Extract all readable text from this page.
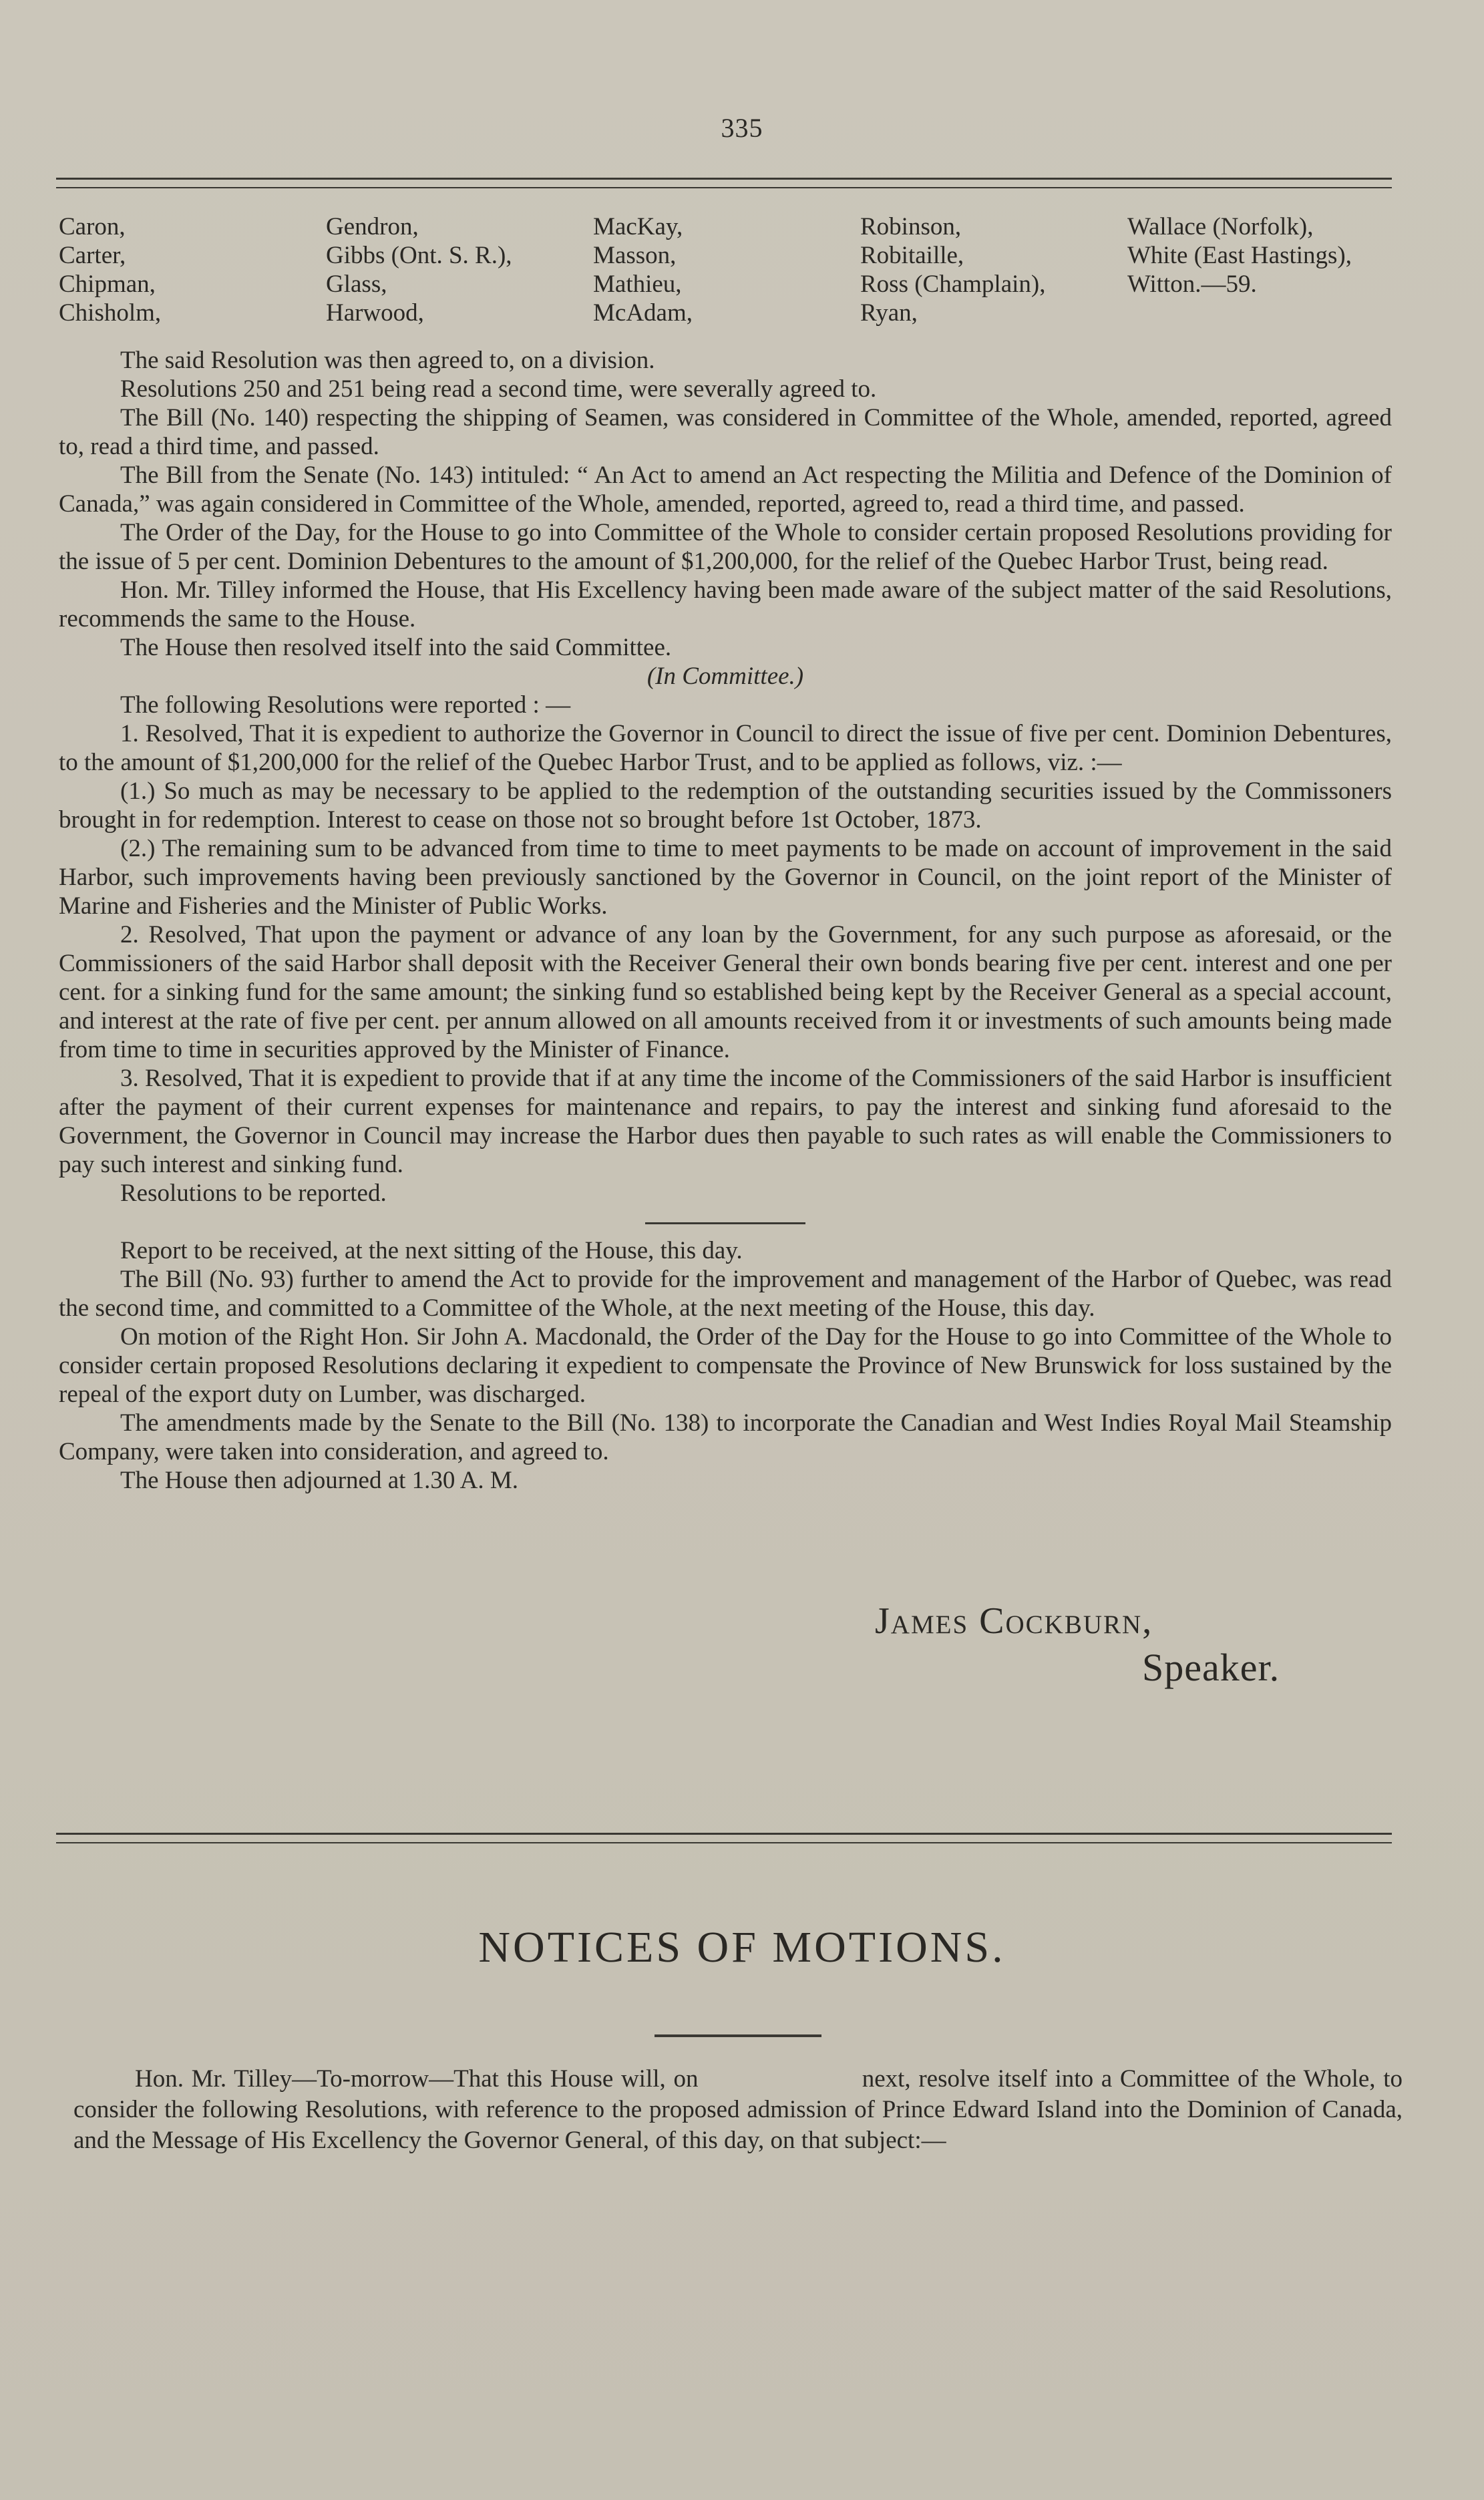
335
Caron,
Carter,
Chipman,
Chisholm,
Gendron,
Gibbs (Ont. S. R.),
Glass,
Harwood,
MacKay,
Masson,
Mathieu,
McAdam,
Robinson,
Robitaille,
Ross (Champlain),
Ryan,
Wallace (Norfolk),
White (East Hastings),
Witton.—59.

The said Resolution was then agreed to, on a division.

Resolutions 250 and 251 being read a second time, were severally agreed to.

The Bill (No. 140) respecting the shipping of Seamen, was considered in Committee of the Whole, amended, reported, agreed to, read a third time, and passed.

The Bill from the Senate (No. 143) intituled: “ An Act to amend an Act respecting the Militia and Defence of the Dominion of Canada,” was again considered in Committee of the Whole, amended, reported, agreed to, read a third time, and passed.

The Order of the Day, for the House to go into Committee of the Whole to consider certain proposed Resolutions providing for the issue of 5 per cent. Dominion Debentures to the amount of $1,200,000, for the relief of the Quebec Harbor Trust, being read.

Hon. Mr. Tilley informed the House, that His Excellency having been made aware of the subject matter of the said Resolutions, recommends the same to the House.

The House then resolved itself into the said Committee.

(In Committee.)

The following Resolutions were reported : —

1. Resolved, That it is expedient to authorize the Governor in Council to direct the issue of five per cent. Dominion Debentures, to the amount of $1,200,000 for the relief of the Quebec Harbor Trust, and to be applied as follows, viz. :—

(1.) So much as may be necessary to be applied to the redemption of the outstanding securities issued by the Commissoners brought in for redemption. Interest to cease on those not so brought before 1st October, 1873.

(2.) The remaining sum to be advanced from time to time to meet payments to be made on account of improvement in the said Harbor, such improvements having been previously sanctioned by the Governor in Council, on the joint report of the Minister of Marine and Fisheries and the Minister of Public Works.

2. Resolved, That upon the payment or advance of any loan by the Government, for any such purpose as aforesaid, or the Commissioners of the said Harbor shall deposit with the Receiver General their own bonds bearing five per cent. interest and one per cent. for a sinking fund for the same amount; the sinking fund so established being kept by the Receiver General as a special account, and interest at the rate of five per cent. per annum allowed on all amounts received from it or investments of such amounts being made from time to time in securities approved by the Minister of Finance.

3. Resolved, That it is expedient to provide that if at any time the income of the Commissioners of the said Harbor is insufficient after the payment of their current expenses for maintenance and repairs, to pay the interest and sinking fund aforesaid to the Government, the Governor in Council may increase the Harbor dues then payable to such rates as will enable the Commissioners to pay such interest and sinking fund.

Resolutions to be reported.

Report to be received, at the next sitting of the House, this day.

The Bill (No. 93) further to amend the Act to provide for the improvement and management of the Harbor of Quebec, was read the second time, and committed to a Committee of the Whole, at the next meeting of the House, this day.

On motion of the Right Hon. Sir John A. Macdonald, the Order of the Day for the House to go into Committee of the Whole to consider certain proposed Resolutions declaring it expedient to compensate the Province of New Brunswick for loss sustained by the repeal of the export duty on Lumber, was discharged.

The amendments made by the Senate to the Bill (No. 138) to incorporate the Canadian and West Indies Royal Mail Steamship Company, were taken into consideration, and agreed to.

The House then adjourned at 1.30 A. M.

James Cockburn,
Speaker.
NOTICES OF MOTIONS.

Hon. Mr. Tilley—To-morrow—That this House will, on                     next, resolve itself into a Committee of the Whole, to consider the following Resolutions, with reference to the proposed admission of Prince Edward Island into the Dominion of Canada, and the Message of His Excellency the Governor General, of this day, on that subject:—
